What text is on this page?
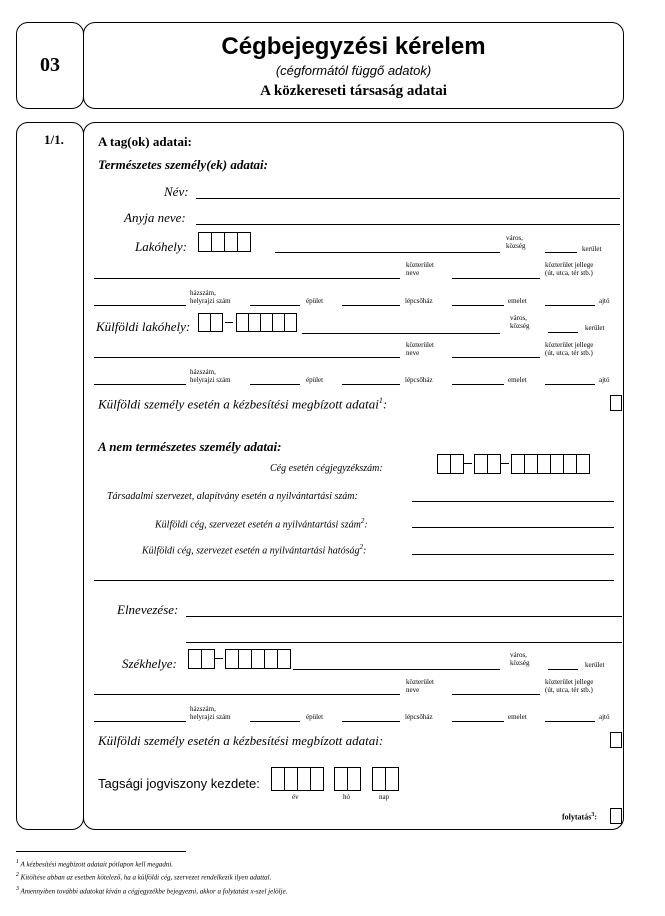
03
Cégbejegyzési kérelem
(cégformától függő adatok)
A közkereseti társaság adatai
1/1.	A tag(ok) adatai:
Természetes személy(ek) adatai:
Név:
Anyja neve:
Lakóhely:
város,
község	kerület
közterület
neve
közterület jellege
(út, utca, tér stb.)
házszám,
helyrajzi szám	épület	lépcsőház	emelet	ajtó
Külföldi lakóhely:
város,
község	kerület
közterület
neve
közterület jellege
(út, utca, tér stb.)
házszám,
helyrajzi szám	épület	lépcsőház	emelet	ajtó
Külföldi személy esetén a kézbesítési megbízott adatai$^1$:
A nem természetes személy adatai:
Cég esetén cégjegyzékszám:
Társadalmi szervezet, alapítvány esetén a nyilvántartási szám:
Külföldi cég, szervezet esetén a nyilvántartási szám$^2$:
Külföldi cég, szervezet esetén a nyilvántartási hatóság$^2$:
Elnevezése:
Székhelye:
város,
község	kerület
közterület
neve
közterület jellege
(út, utca, tér stb.)
házszám,
helyrajzi szám	épület	lépcsőház	emelet	ajtó
Külföldi személy esetén a kézbesítési megbízott adatai:
Tagsági jogviszony kezdete:
év	hó	nap
folytatás$^3$:
$^1$ A kézbesítési megbízott adatait pótlapon kell megadni.
$^2$ Kitöltése abban az esetben kötelező, ha a külföldi cég, szervezet rendelkezik ilyen adattal.
$^3$ Amennyiben további adatokat kíván a cégjegyzékbe bejegyezni, akkor a folytatást x-szel jelölje.
